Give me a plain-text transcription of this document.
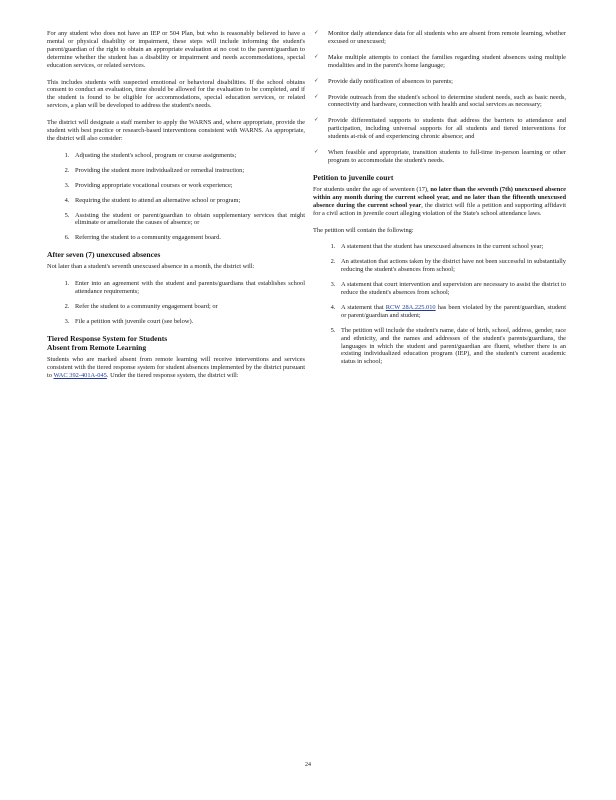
For any student who does not have an IEP or 504 Plan, but who is reasonably believed to have a mental or physical disability or impairment, these steps will include informing the student's parent/guardian of the right to obtain an appropriate evaluation at no cost to the parent/guardian to determine whether the student has a disability or impairment and needs accommodations, special education services, or related services.

This includes students with suspected emotional or behavioral disabilities. If the school obtains consent to conduct an evaluation, time should be allowed for the evaluation to be completed, and if the student is found to be eligible for accommodations, special education services, or related services, a plan will be developed to address the student's needs.

The district will designate a staff member to apply the WARNS and, where appropriate, provide the student with best practice or research-based interventions consistent with WARNS. As appropriate, the district will also consider:

1. Adjusting the student's school, program or course assignments;
2. Providing the student more individualized or remedial instruction;
3. Providing appropriate vocational courses or work experience;
4. Requiring the student to attend an alternative school or program;
5. Assisting the student or parent/guardian to obtain supplementary services that might eliminate or ameliorate the causes of absence; or
6. Referring the student to a community engagement board.
After seven (7) unexcused absences

Not later than a student's seventh unexcused absence in a month, the district will:

1. Enter into an agreement with the student and parents/guardians that establishes school attendance requirements;
2. Refer the student to a community engagement board; or
3. File a petition with juvenile court (see below).
Tiered Response System for Students
Absent from Remote Learning

Students who are marked absent from remote learning will receive interventions and services consistent with the tiered response system for student absences implemented by the district pursuant to WAC 392-401A-045. Under the tiered response system, the district will:

✓ Monitor daily attendance data for all students who are absent from remote learning, whether excused or unexcused;
✓ Make multiple attempts to contact the families regarding student absences using multiple modalities and in the parent's home language;
✓ Provide daily notification of absences to parents;
✓ Provide outreach from the student's school to determine student needs, such as basic needs, connectivity and hardware, connection with health and social services as necessary;
✓ Provide differentiated supports to students that address the barriers to attendance and participation, including universal supports for all students and tiered interventions for students at-risk of and experiencing chronic absence; and
✓ When feasible and appropriate, transition students to full-time in-person learning or other program to accommodate the student's needs.
Petition to juvenile court

For students under the age of seventeen (17), no later than the seventh (7th) unexcused absence within any month during the current school year, and no later than the fifteenth unexcused absence during the current school year, the district will file a petition and supporting affidavit for a civil action in juvenile court alleging violation of the State's school attendance laws.

The petition will contain the following:

1. A statement that the student has unexcused absences in the current school year;
2. An attestation that actions taken by the district have not been successful in substantially reducing the student's absences from school;
3. A statement that court intervention and supervision are necessary to assist the district to reduce the student's absences from school;
4. A statement that RCW 28A.225.010 has been violated by the parent/guardian, student or parent/guardian and student;
5. The petition will include the student's name, date of birth, school, address, gender, race and ethnicity, and the names and addresses of the student's parents/guardians, the languages in which the student and parent/guardian are fluent, whether there is an existing individualized education program (IEP), and the student's current academic status in school;
24
